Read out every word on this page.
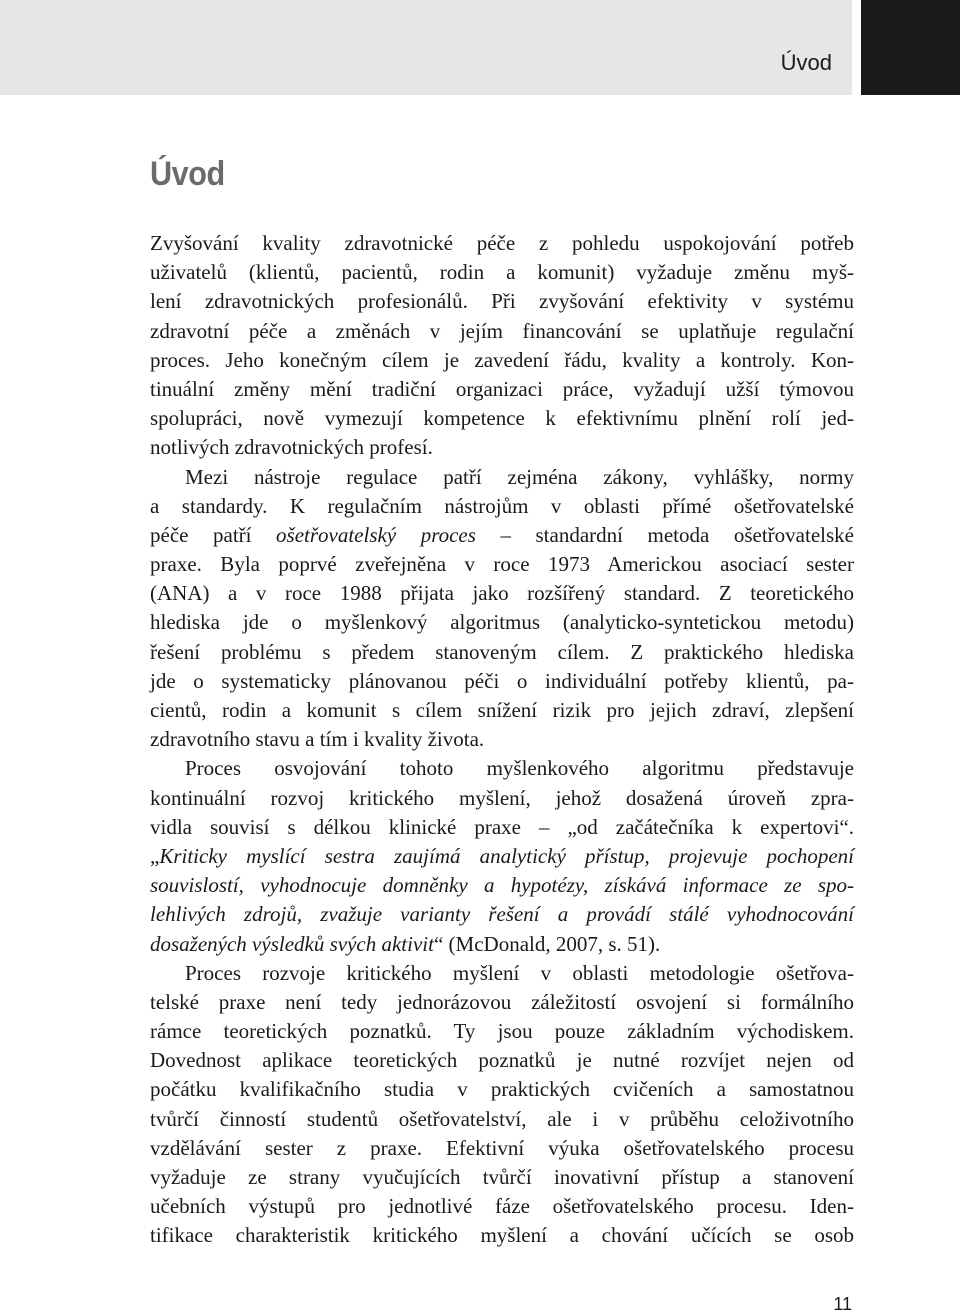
Úvod
Úvod
Zvyšování kvality zdravotnické péče z pohledu uspokojování potřeb
uživatelů (klientů, pacientů, rodin a komunit) vyžaduje změnu myš-
lení zdravotnických profesionálů. Při zvyšování efektivity v systému
zdravotní péče a změnách v jejím financování se uplatňuje regulační
proces. Jeho konečným cílem je zavedení řádu, kvality a kontroly. Kon-
tinuální změny mění tradiční organizaci práce, vyžadují užší týmovou
spolupráci, nově vymezují kompetence k efektivnímu plnění rolí jed-
notlivých zdravotnických profesí.
Mezi nástroje regulace patří zejména zákony, vyhlášky, normy
a standardy. K regulačním nástrojům v oblasti přímé ošetřovatelské
péče patří ošetřovatelský proces – standardní metoda ošetřovatelské
praxe. Byla poprvé zveřejněna v roce 1973 Americkou asociací sester
(ANA) a v roce 1988 přijata jako rozšířený standard. Z teoretického
hlediska jde o myšlenkový algoritmus (analyticko-syntetickou metodu)
řešení problému s předem stanoveným cílem. Z praktického hlediska
jde o systematicky plánovanou péči o individuální potřeby klientů, pa-
cientů, rodin a komunit s cílem snížení rizik pro jejich zdraví, zlepšení
zdravotního stavu a tím i kvality života.
Proces osvojování tohoto myšlenkového algoritmu představuje
kontinuální rozvoj kritického myšlení, jehož dosažená úroveň zpra-
vidla souvisí s délkou klinické praxe – „od začátečníka k expertovi“.
„Kriticky myslící sestra zaujímá analytický přístup, projevuje pochopení
souvislostí, vyhodnocuje domněnky a hypotézy, získává informace ze spo-
lehlivých zdrojů, zvažuje varianty řešení a provádí stálé vyhodnocování
dosažených výsledků svých aktivit“ (McDonald, 2007, s. 51).
Proces rozvoje kritického myšlení v oblasti metodologie ošetřova-
telské praxe není tedy jednorázovou záležitostí osvojení si formálního
rámce teoretických poznatků. Ty jsou pouze základním východiskem.
Dovednost aplikace teoretických poznatků je nutné rozvíjet nejen od
počátku kvalifikačního studia v praktických cvičeních a samostatnou
tvůrčí činností studentů ošetřovatelství, ale i v průběhu celoživotního
vzdělávání sester z praxe. Efektivní výuka ošetřovatelského procesu
vyžaduje ze strany vyučujících tvůrčí inovativní přístup a stanovení
učebních výstupů pro jednotlivé fáze ošetřovatelského procesu. Iden-
tifikace charakteristik kritického myšlení a chování učících se osob
11
